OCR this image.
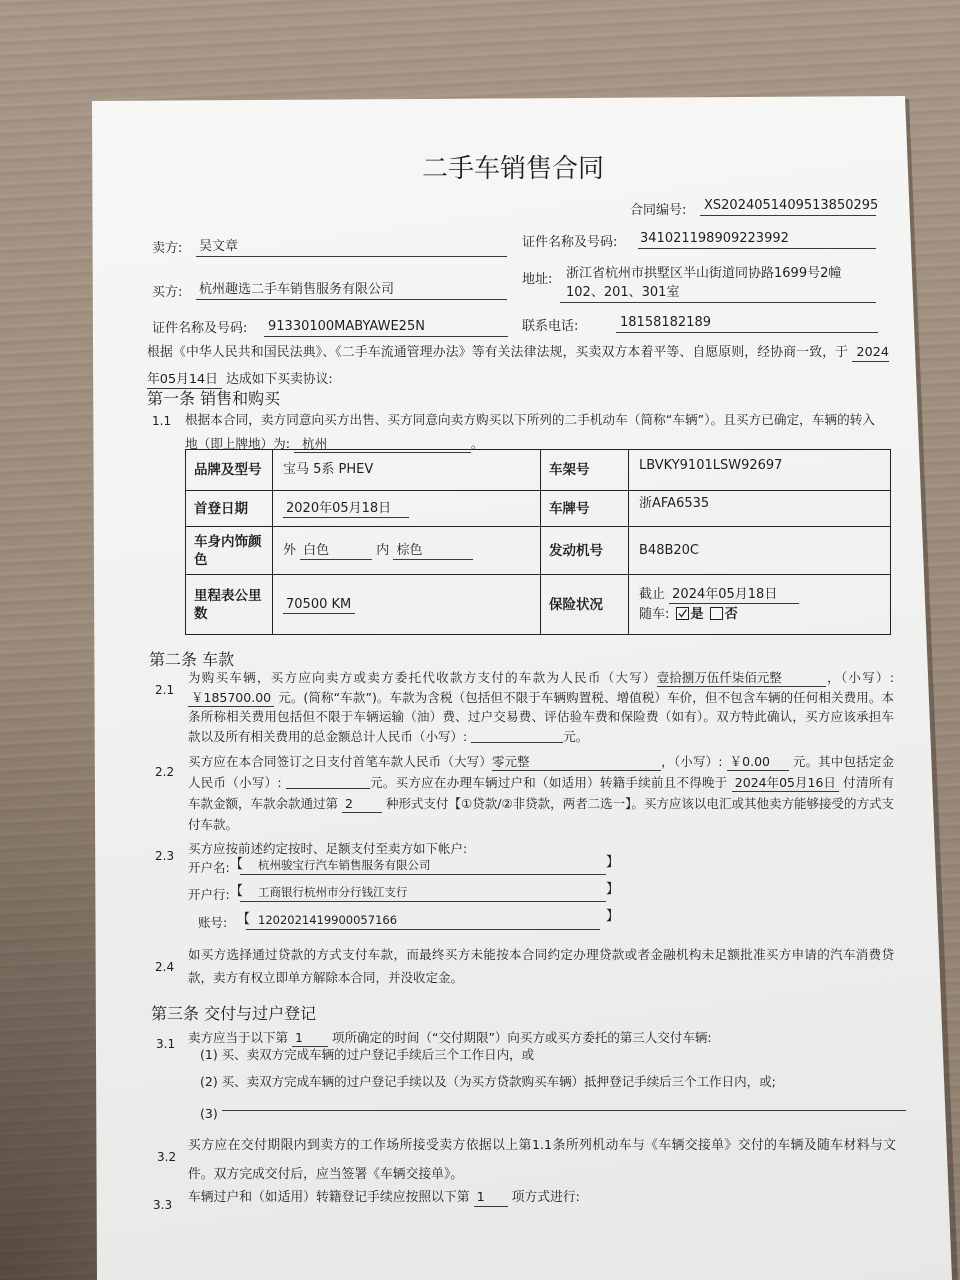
二手车销售合同
合同编号:	XS2024051409513850295
卖方: 吴文章	证件名称及号码: 341021198909223992
买方: 杭州趣选二手车销售服务有限公司
地址: 浙江省杭州市拱墅区半山街道同协路1699号2幢
102、201、301室
证件名称及号码:	91330100MABYAWE25N	联系电话:	18158182189
根据《中华人民共和国民法典》、《二手车流通管理办法》等有关法律法规，买卖双方本着平等、自愿原则，经协商一致，于 2024年05月14日 达成如下买卖协议:
第一条 销售和购买
1.1 根据本合同，卖方同意向买方出售、买方同意向卖方购买以下所列的二手机动车（简称“车辆”）。且买方已确定，车辆的转入地（即上牌地）为: 杭州	。
品牌及型号	宝马 5系 PHEV	车架号	LBVKY9101LSW92697
首登日期	2020年05月18日	车牌号	浙AFA6535
车身内饰颜色	外 白色 内 棕色	发动机号	B48B20C
里程表公里数	70500 KM	保险状况	截止 2024年05月18日
随车: 是 否
第二条 车款
2.1
为购买车辆，买方应向卖方或卖方委托代收款方支付的车款为人民币（大写）壹拾捌万伍仟柒佰元整	，（小写）: ￥185700.00 元。(简称“车款”)。车款为含税（包括但不限于车辆购置税、增值税）车价，但不包含车辆的任何相关费用。本条所称相关费用包括但不限于车辆运输（油）费、过户交易费、评估验车费和保险费（如有）。双方特此确认，买方应该承担车款以及所有相关费用的总金额总计人民币（小写）:	元。
2.2
买方应在本合同签订之日支付首笔车款人民币（大写）零元整	，（小写）: ￥0.00 元。其中包括定金人民币（小写）:	元。买方应在办理车辆过户和（如适用）转籍手续前且不得晚于 2024年05月16日 付清所有车款金额，车款余款通过第 2	种形式支付【①贷款/②非贷款，两者二选一】。买方应该以电汇或其他卖方能够接受的方式支付车款。
2.3 买方应按前述约定按时、足额支付至卖方如下帐户:
开户名: 【	杭州骏宝行汽车销售服务有限公司	】
开户行: 【	工商银行杭州市分行钱江支行	】
账号: 【 1202021419900057166	】
2.4
如买方选择通过贷款的方式支付车款，而最终买方未能按本合同约定办理贷款或者金融机构未足额批准买方申请的汽车消费贷款，卖方有权立即单方解除本合同，并没收定金。
第三条 交付与过户登记
3.1 卖方应当于以下第 1 项所确定的时间（“交付期限”）向买方或买方委托的第三人交付车辆:
(1) 买、卖双方完成车辆的过户登记手续后三个工作日内，或
(2) 买、卖双方完成车辆的过户登记手续以及（为买方贷款购买车辆）抵押登记手续后三个工作日内，或;
(3)
3.2
买方应在交付期限内到卖方的工作场所接受卖方依据以上第1.1条所列机动车与《车辆交接单》交付的车辆及随车材料与文件。双方完成交付后，应当签署《车辆交接单》。
3.3 车辆过户和（如适用）转籍登记手续应按照以下第 1 项方式进行:
